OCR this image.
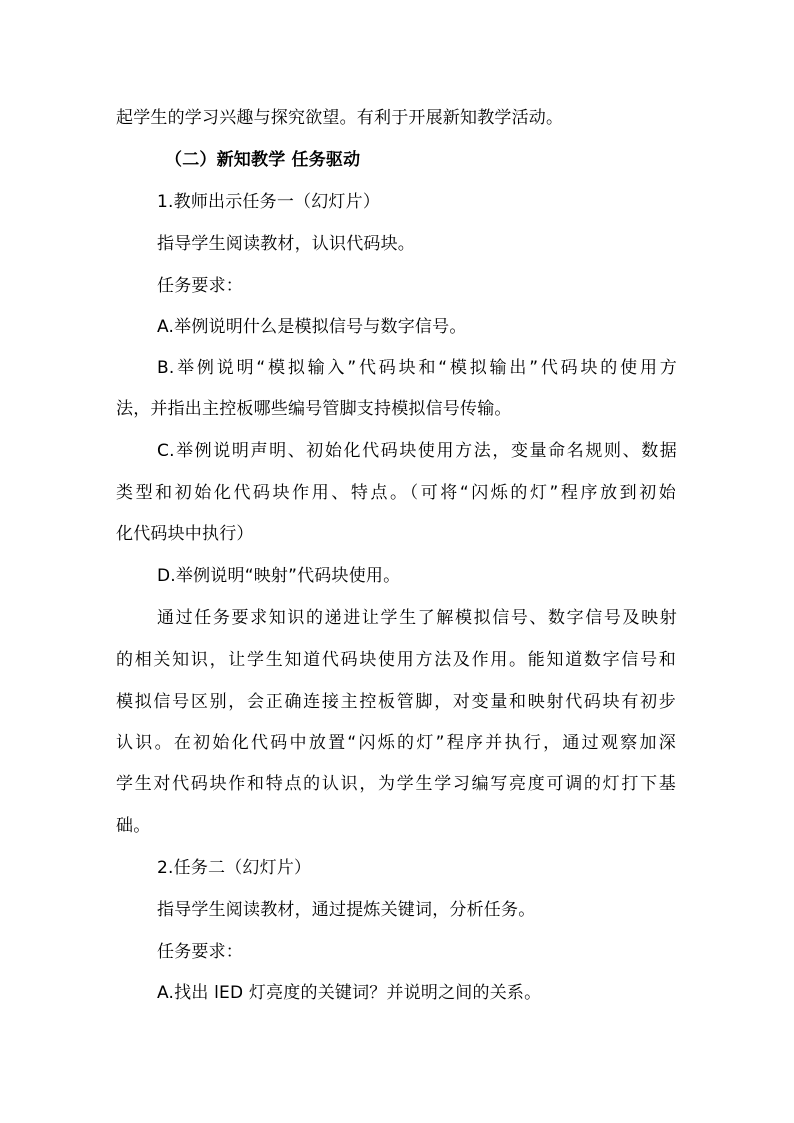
起学生的学习兴趣与探究欲望。有利于开展新知教学活动。
（二）新知教学 任务驱动
1.教师出示任务一（幻灯片）
指导学生阅读教材，认识代码块。
任务要求：
A.举例说明什么是模拟信号与数字信号。
B.举例说明“模拟输入”代码块和“模拟输出”代码块的使用方
法，并指出主控板哪些编号管脚支持模拟信号传输。
C.举例说明声明、初始化代码块使用方法，变量命名规则、数据
类型和初始化代码块作用、特点。（可将“闪烁的灯”程序放到初始
化代码块中执行）
D.举例说明“映射”代码块使用。
通过任务要求知识的递进让学生了解模拟信号、数字信号及映射
的相关知识，让学生知道代码块使用方法及作用。能知道数字信号和
模拟信号区别，会正确连接主控板管脚，对变量和映射代码块有初步
认识。在初始化代码中放置“闪烁的灯”程序并执行，通过观察加深
学生对代码块作和特点的认识，为学生学习编写亮度可调的灯打下基
础。
2.任务二（幻灯片）
指导学生阅读教材，通过提炼关键词，分析任务。
任务要求：
A.找出 lED 灯亮度的关键词？并说明之间的关系。
